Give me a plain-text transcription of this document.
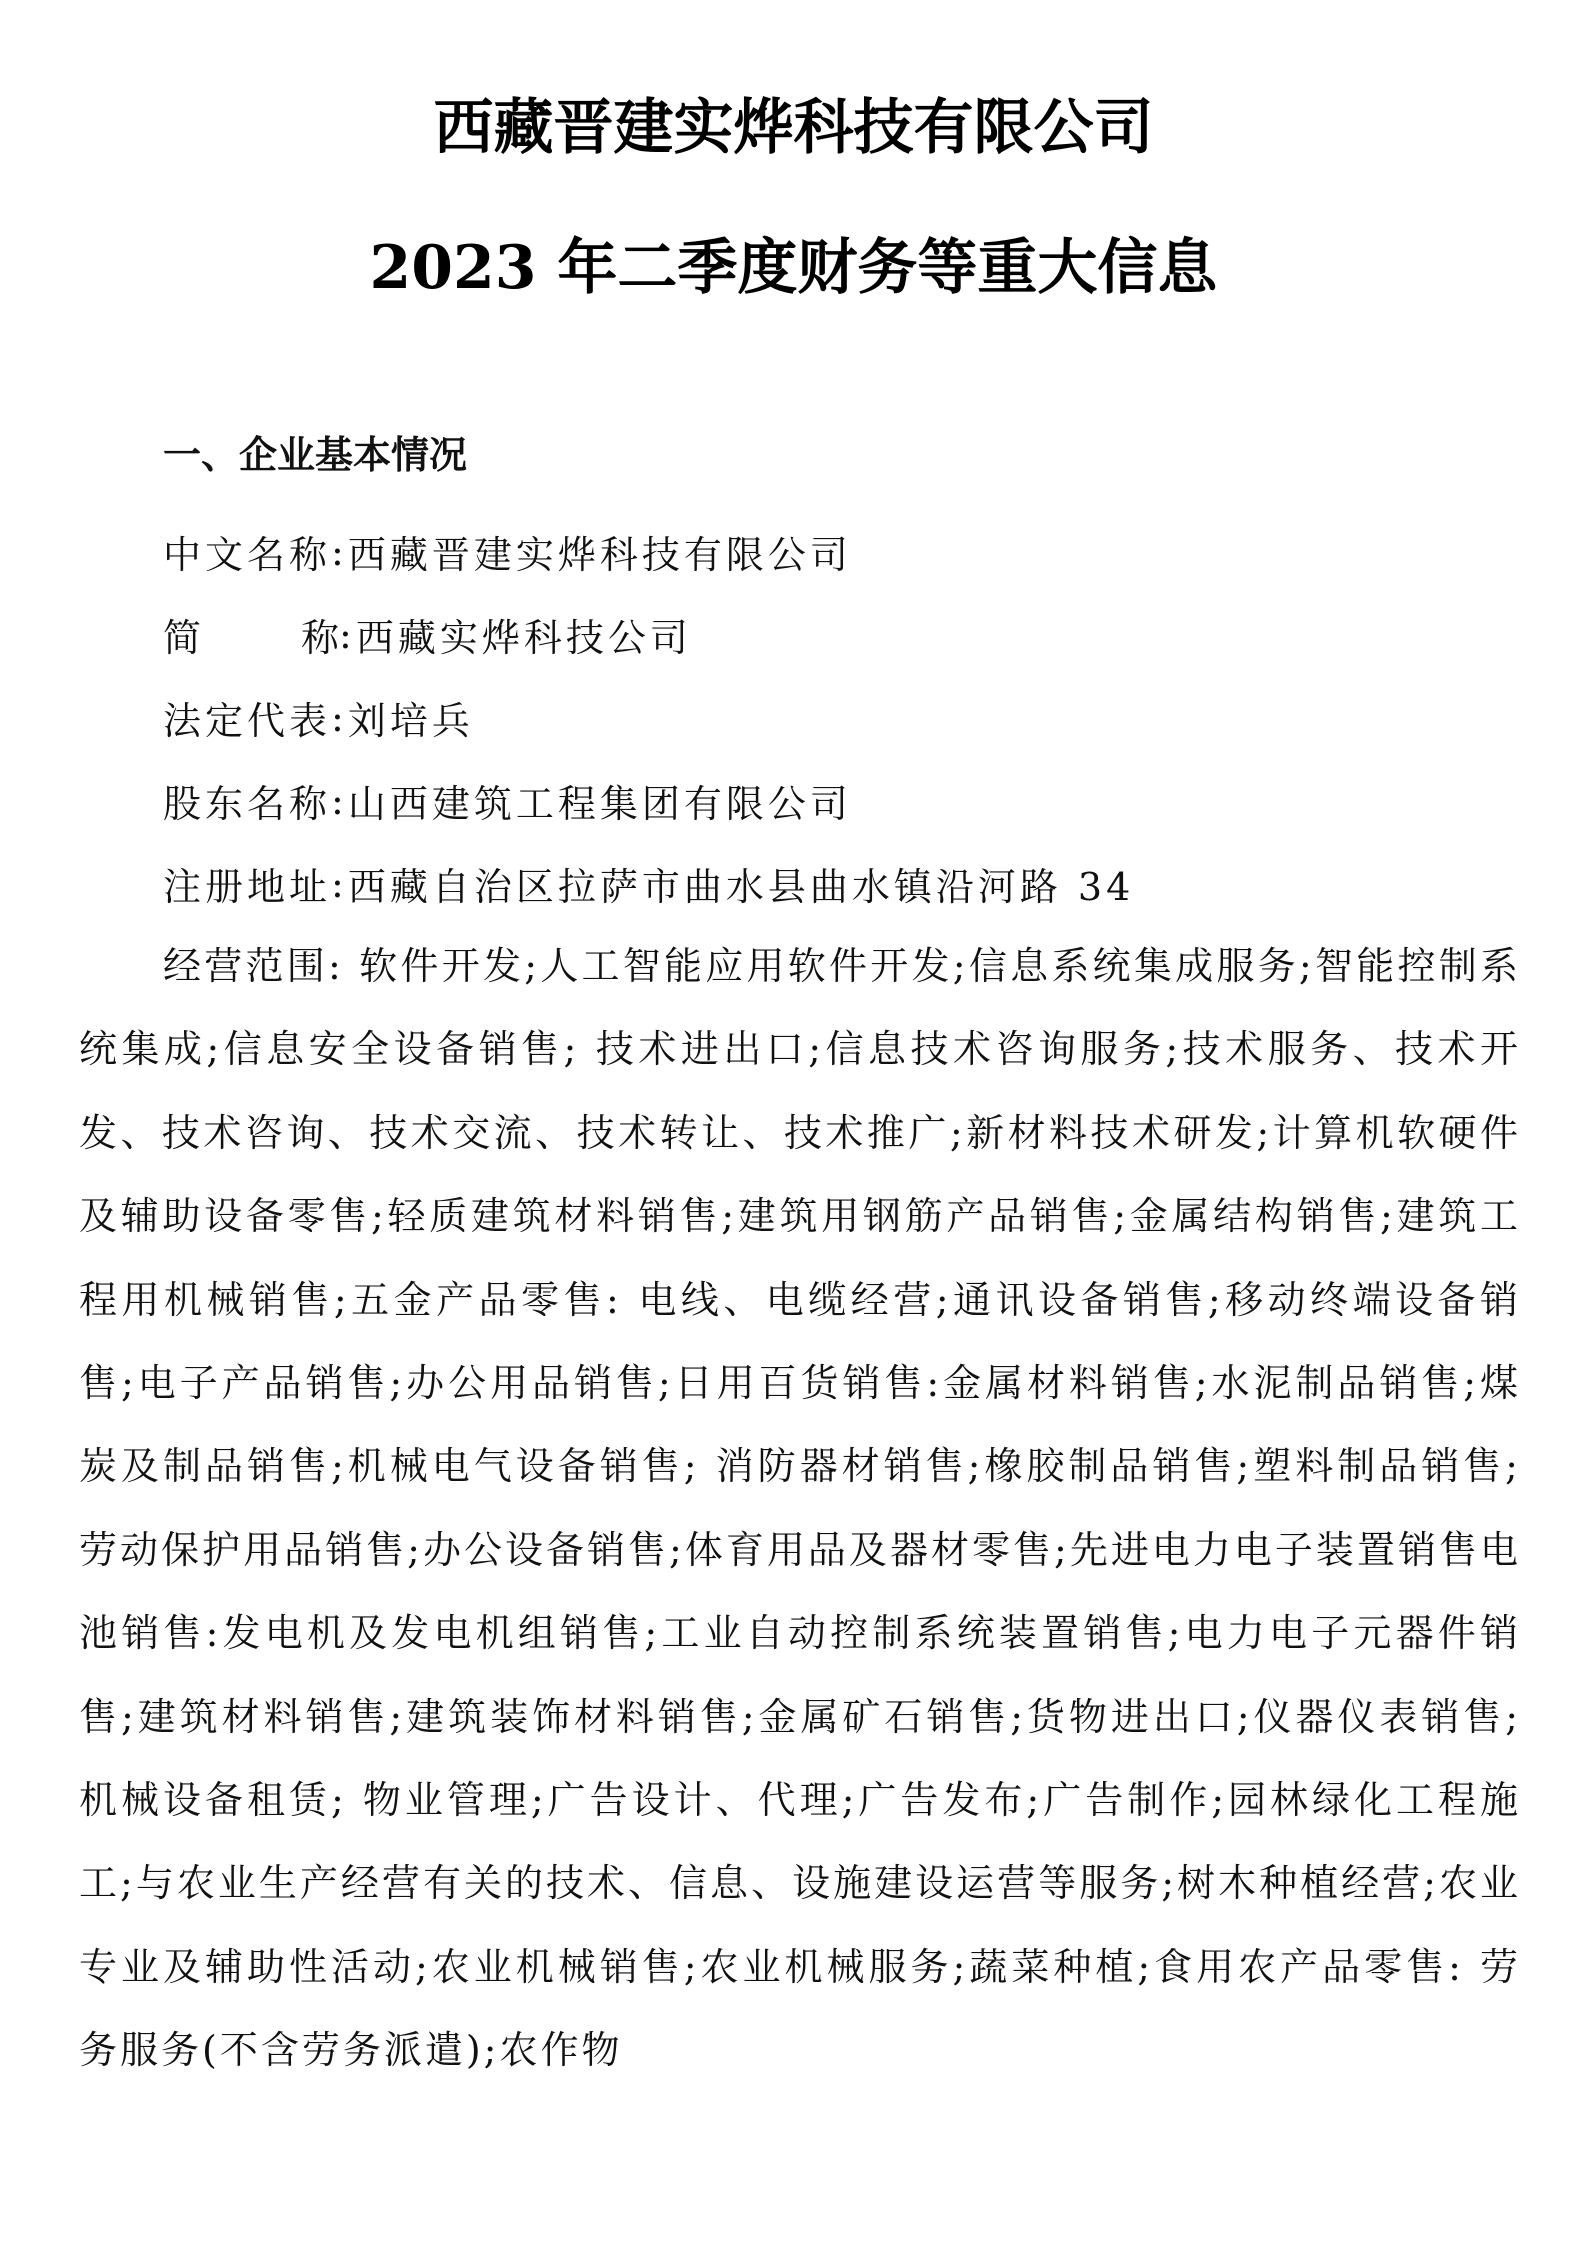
西藏晋建实烨科技有限公司
2023 年二季度财务等重大信息
一、企业基本情况
中文名称 : 西藏晋建实烨科技有限公司
简称 : 西藏实烨科技公司
法定代表 : 刘培兵
股东名称 : 山西建筑工程集团有限公司
注册地址 : 西藏自治区拉萨市曲水县曲水镇沿河路 34

经营范围: 软件开发;人工智能应用软件开发;信息系统集成服务;智能控制系统集成;信息安全设备销售; 技术进出口;信息技术咨询服务;技术服务、技术开发、技术咨询、技术交流、技术转让、技术推广;新材料技术研发;计算机软硬件及辅助设备零售;轻质建筑材料销售;建筑用钢筋产品销售;金属结构销售;建筑工程用机械销售;五金产品零售: 电线、电缆经营;通讯设备销售;移动终端设备销售;电子产品销售;办公用品销售;日用百货销售:金属材料销售;水泥制品销售;煤炭及制品销售;机械电气设备销售; 消防器材销售;橡胶制品销售;塑料制品销售; 劳动保护用品销售;办公设备销售;体育用品及器材零售;先进电力电子装置销售电池销售:发电机及发电机组销售;工业自动控制系统装置销售;电力电子元器件销售;建筑材料销售;建筑装饰材料销售;金属矿石销售;货物进出口;仪器仪表销售;机械设备租赁; 物业管理;广告设计、代理;广告发布;广告制作;园林绿化工程施工;与农业生产经营有关的技术、信息、设施建设运营等服务;树木种植经营;农业专业及辅助性活动;农业机械销售;农业机械服务;蔬菜种植;食用农产品零售: 劳务服务(不含劳务派遣);农作物
